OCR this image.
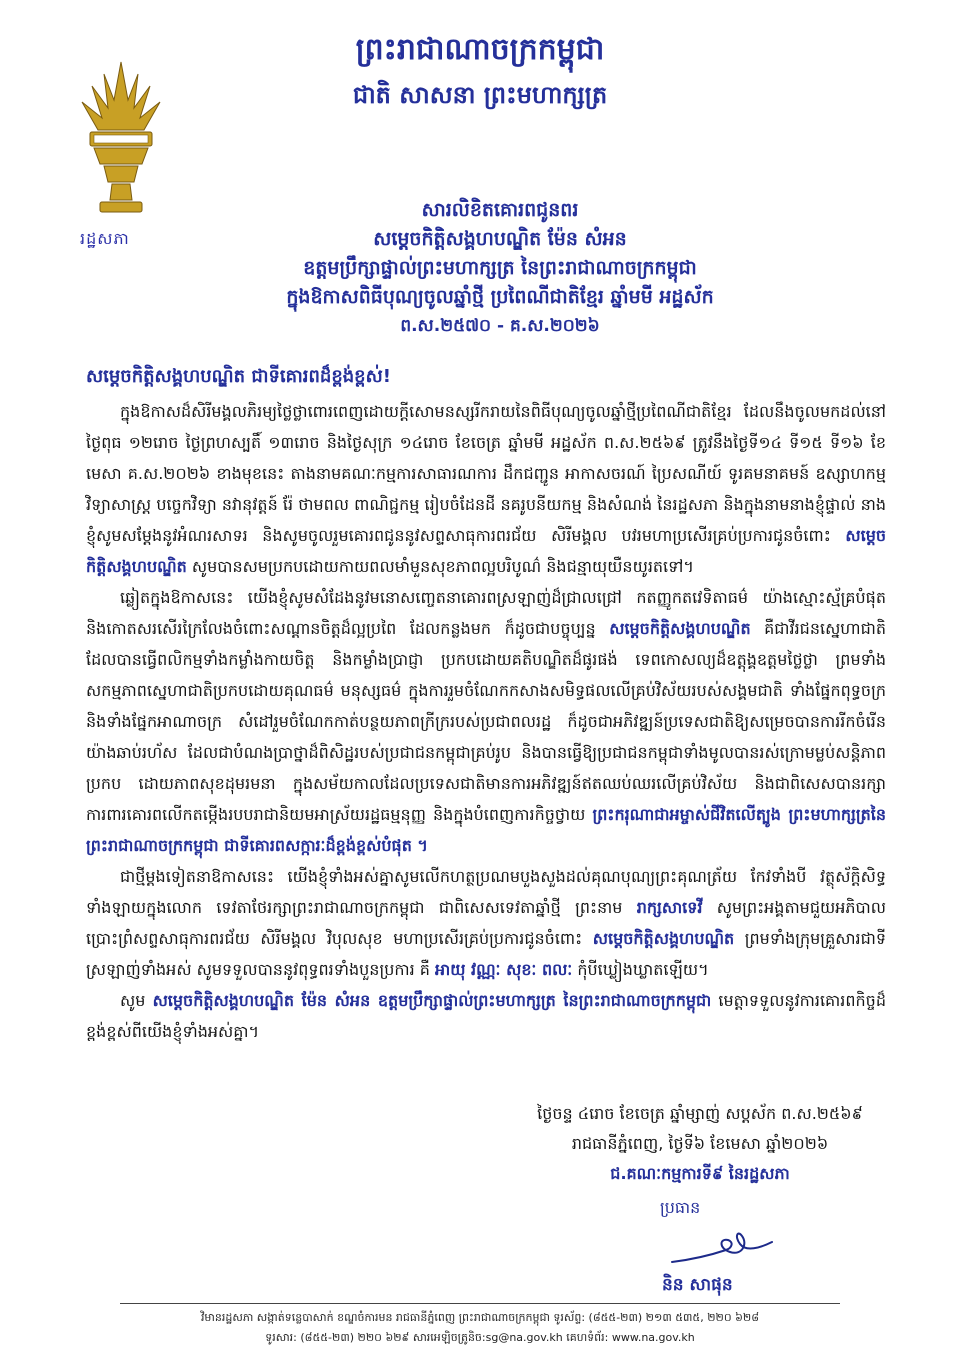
រដ្ឋសភា
ព្រះរាជាណាចក្រកម្ពុជា
ជាតិ សាសនា ព្រះមហាក្សត្រ
សារលិខិតគោរពជូនពរ
សម្តេចកិត្តិសង្គហបណ្ឌិត ម៉ែន សំអន
ឧត្តមប្រឹក្សាផ្ទាល់ព្រះមហាក្សត្រ នៃព្រះរាជាណាចក្រកម្ពុជា
ក្នុងឱកាសពិធីបុណ្យចូលឆ្នាំថ្មី ប្រពៃណីជាតិខ្មែរ ឆ្នាំមមី អដ្ឋស័ក
ព.ស.២៥៧០ - គ.ស.២០២៦
សម្តេចកិត្តិសង្គហបណ្ឌិត ជាទីគោរពដ៏ខ្ពង់ខ្ពស់!

ក្នុងឱកាសដ៏សិរីមង្គលភិរម្យថ្លៃថ្លាពោរពេញដោយក្តីសោមនស្សរីករាយនៃពិធីបុណ្យចូលឆ្នាំថ្មីប្រពៃណីជាតិខ្មែរ ដែលនឹងចូលមកដល់នៅថ្ងៃពុធ ១២រោច ថ្ងៃព្រហស្បតិ៍ ១៣រោច និងថ្ងៃសុក្រ ១៤រោច ខែចេត្រ ឆ្នាំមមី អដ្ឋស័ក ព.ស.២៥៦៩ ត្រូវនឹងថ្ងៃទី១៤ ទី១៥ ទី១៦ ខែមេសា គ.ស.២០២៦ ខាងមុខនេះ តាងនាមគណៈកម្មការសាធារណការ ដឹកជញ្ជូន អាកាសចរណ៍ ប្រៃសណីយ៍ ទូរគមនាគមន៍ ឧស្សាហកម្ម វិទ្យាសាស្ត្រ បច្ចេកវិទ្យា នវានុវត្តន៍ រ៉ែ ថាមពល ពាណិជ្ជកម្ម រៀបចំដែនដី នគរូបនីយកម្ម និងសំណង់ នៃរដ្ឋសភា និងក្នុងនាមនាងខ្ញុំផ្ទាល់ នាងខ្ញុំសូមសម្តែងនូវអំណរសាទរ និងសូមចូលរួមគោរពជូននូវសព្ទសាធុការពរជ័យ សិរីមង្គល បវរមហាប្រសើរគ្រប់ប្រការជូនចំពោះ សម្តេចកិត្តិសង្គហបណ្ឌិត សូមបានសមប្រកបដោយកាយពលមាំមួនសុខភាពល្អបរិបូណ៌ និងជន្មាយុយឺនយូរតទៅ។

ឆ្លៀតក្នុងឱកាសនេះ យើងខ្ញុំសូមសំដែងនូវមនោសញ្ចេតនាគោរពស្រឡាញ់ដ៏ជ្រាលជ្រៅ កតញ្ញូកតវេទិតាធម៌ យ៉ាងស្មោះស្ម័គ្របំផុត និងកោតសរសើរក្រៃលែងចំពោះសណ្តានចិត្តដ៏ល្អប្រពៃ ដែលកន្លងមក ក៏ដូចជាបច្ចុប្បន្ន សម្តេចកិត្តិសង្គហបណ្ឌិត គឺជាវីរជនស្នេហាជាតិ ដែលបានធ្វើពលិកម្មទាំងកម្លាំងកាយចិត្ត និងកម្លាំងប្រាជ្ញា ប្រកបដោយគតិបណ្ឌិតដ៏ផូរផង់ ទេពកោសល្យដ៏ឧត្តុង្គឧត្តមថ្លៃថ្លា ព្រមទាំងសកម្មភាពស្នេហាជាតិប្រកបដោយគុណធម៌ មនុស្សធម៌ ក្នុងការរួមចំណែកកសាងសមិទ្ធផលលើគ្រប់វិស័យរបស់សង្គមជាតិ ទាំងផ្នែកពុទ្ធចក្រ និងទាំងផ្នែកអាណាចក្រ សំដៅរួមចំណែកកាត់បន្ថយភាពក្រីក្ររបស់ប្រជាពលរដ្ឋ ក៏ដូចជាអភិវឌ្ឍន៍ប្រទេសជាតិឱ្យសម្រេចបានការរីកចំរើនយ៉ាងឆាប់រហ័ស ដែលជាបំណងប្រាថ្នាដ៏ពិសិដ្ឋរបស់ប្រជាជនកម្ពុជាគ្រប់រូប និងបានធ្វើឱ្យប្រជាជនកម្ពុជាទាំងមូលបានរស់ក្រោមម្លប់សន្តិភាពប្រកប ដោយភាពសុខដុមរមនា ក្នុងសម័យកាលដែលប្រទេសជាតិមានការអភិវឌ្ឍន៍ឥតឈប់ឈរលើគ្រប់វិស័យ និងជាពិសេសបានរក្សាការពារគោរពលើកតម្កើងរបបរាជានិយមអាស្រ័យរដ្ឋធម្មនុញ្ញ និងក្នុងបំពេញការកិច្ចថ្វាយ ព្រះករុណាជាអម្ចាស់ជីវិតលើត្បូង ព្រះមហាក្សត្រនៃព្រះរាជាណាចក្រកម្ពុជា ជាទីគោរពសក្ការៈដ៏ខ្ពង់ខ្ពស់បំផុត ។

ជាថ្មីម្តងទៀតនាឱកាសនេះ យើងខ្ញុំទាំងអស់គ្នាសូមលើកហត្ថប្រណមបួងសួងដល់គុណបុណ្យព្រះគុណត្រ័យ កែវទាំងបី វត្ថុស័ក្តិសិទ្ធទាំងឡាយក្នុងលោក ទេវតាថែរក្សាព្រះរាជាណាចក្រកម្ពុជា ជាពិសេសទេវតាឆ្នាំថ្មី ព្រះនាម រាក្សសាទេវី សូមព្រះអង្គតាមជួយអភិបាលប្រោះព្រំសព្ទសាធុការពរជ័យ សិរីមង្គល វិបុលសុខ មហាប្រសើរគ្រប់ប្រការជូនចំពោះ សម្តេចកិត្តិសង្គហបណ្ឌិត ព្រមទាំងក្រុមគ្រួសារជាទីស្រឡាញ់ទាំងអស់ សូមទទួលបាននូវពុទ្ធពរទាំងបួនប្រការ គឺ អាយុ វណ្ណៈ សុខៈ ពលៈ កុំបីឃ្លៀងឃ្លាតឡើយ។

សូម សម្តេចកិត្តិសង្គហបណ្ឌិត ម៉ែន សំអន ឧត្តមប្រឹក្សាផ្ទាល់ព្រះមហាក្សត្រ នៃព្រះរាជាណាចក្រកម្ពុជា មេត្តាទទួលនូវការគោរពកិច្ចដ៏ខ្ពង់ខ្ពស់ពីយើងខ្ញុំទាំងអស់គ្នា។

ថ្ងៃចន្ទ ៤រោច ខែចេត្រ ឆ្នាំម្សាញ់ សប្តស័ក ព.ស.២៥៦៩
រាជធានីភ្នំពេញ, ថ្ងៃទី៦ ខែមេសា ឆ្នាំ២០២៦
ជ.គណៈកម្មការទី៩ នៃរដ្ឋសភា
ប្រធាន
និន សាផុន
វិមានរដ្ឋសភា សង្កាត់ទន្លេបាសាក់ ខណ្ឌចំការមន រាជធានីភ្នំពេញ ព្រះរាជាណាចក្រកម្ពុជា ទូរស័ព្ទ: (៨៥៥-២៣) ២១៣ ៥៣៥, ២២០ ៦២៨
ទូរសារ: (៨៥៥-២៣) ២២០ ៦២៩ សារអេឡិចត្រូនិច:sg@na.gov.kh គេហទំព័រ: www.na.gov.kh
